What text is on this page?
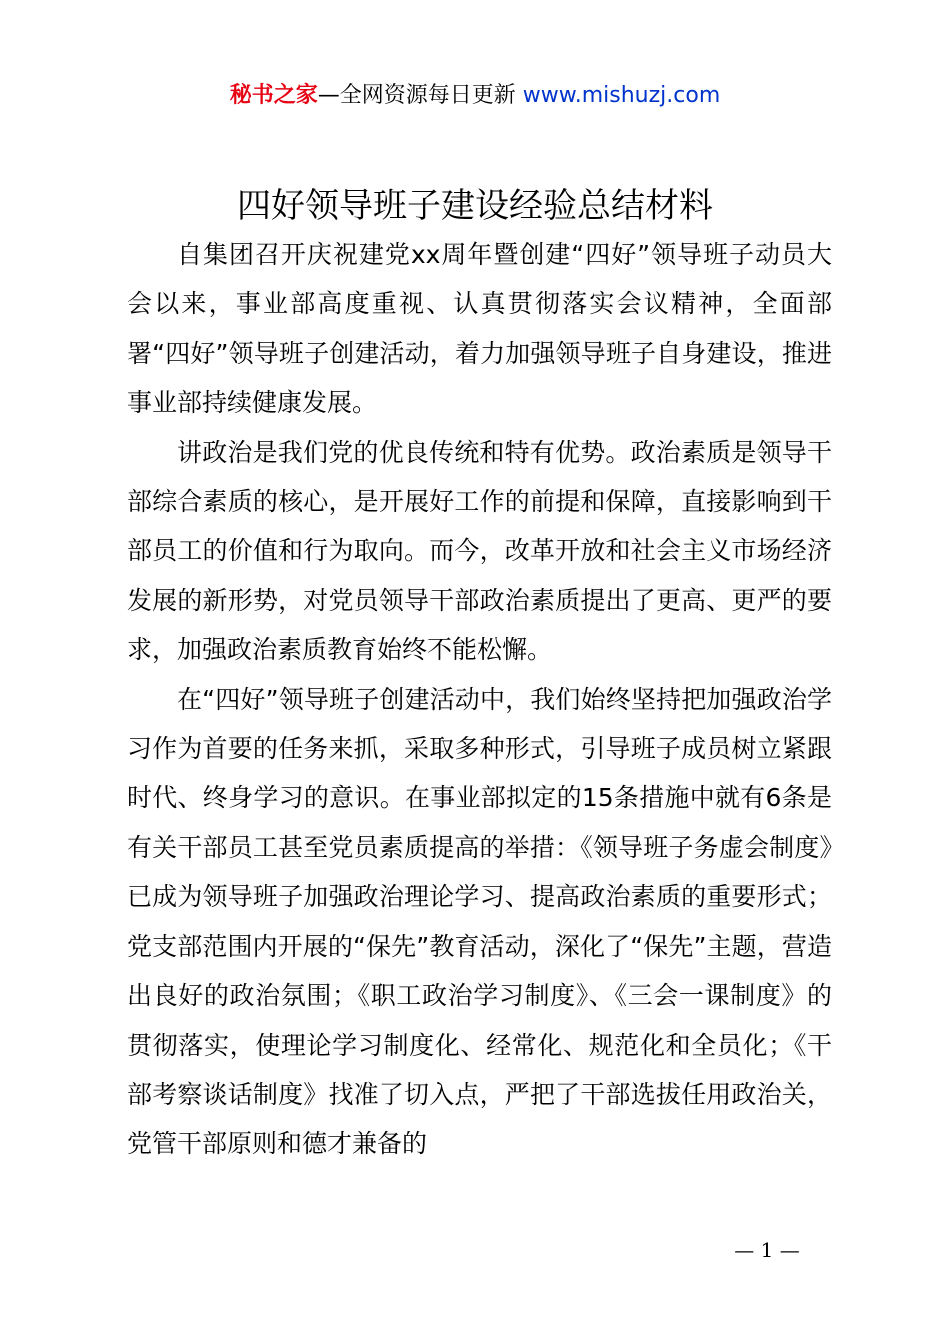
秘书之家—全网资源每日更新 www.mishuzj.com
四好领导班子建设经验总结材料

自集团召开庆祝建党xx周年暨创建“四好”领导班子动员大会以来，事业部高度重视、认真贯彻落实会议精神，全面部署“四好”领导班子创建活动，着力加强领导班子自身建设，推进事业部持续健康发展。

讲政治是我们党的优良传统和特有优势。政治素质是领导干部综合素质的核心，是开展好工作的前提和保障，直接影响到干部员工的价值和行为取向。而今，改革开放和社会主义市场经济发展的新形势，对党员领导干部政治素质提出了更高、更严的要求，加强政治素质教育始终不能松懈。

在“四好”领导班子创建活动中，我们始终坚持把加强政治学习作为首要的任务来抓，采取多种形式，引导班子成员树立紧跟时代、终身学习的意识。在事业部拟定的15条措施中就有6条是有关干部员工甚至党员素质提高的举措：《领导班子务虚会制度》已成为领导班子加强政治理论学习、提高政治素质的重要形式；党支部范围内开展的“保先”教育活动，深化了“保先”主题，营造出良好的政治氛围；《职工政治学习制度》、《三会一课制度》的贯彻落实，使理论学习制度化、经常化、规范化和全员化；《干部考察谈话制度》找准了切入点，严把了干部选拔任用政治关，党管干部原则和德才兼备的

— 1 —
